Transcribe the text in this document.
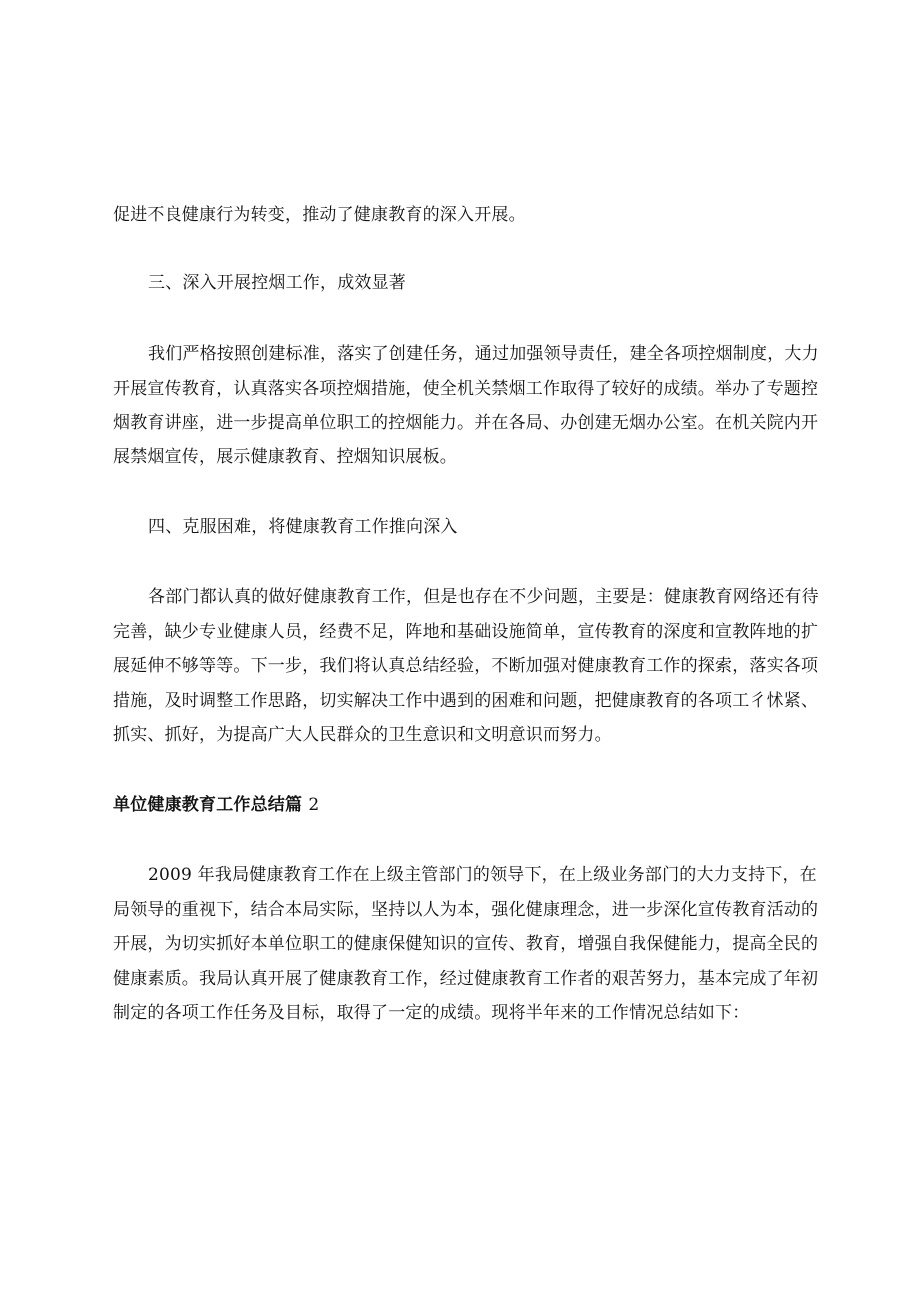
促进不良健康行为转变，推动了健康教育的深入开展。
三、深入开展控烟工作，成效显著
我们严格按照创建标准，落实了创建任务，通过加强领导责任，建全各项控烟制度，大力
开展宣传教育，认真落实各项控烟措施，使全机关禁烟工作取得了较好的成绩。举办了专题控
烟教育讲座，进一步提高单位职工的控烟能力。并在各局、办创建无烟办公室。在机关院内开
展禁烟宣传，展示健康教育、控烟知识展板。
四、克服困难，将健康教育工作推向深入
各部门都认真的做好健康教育工作，但是也存在不少问题，主要是：健康教育网络还有待
完善，缺少专业健康人员，经费不足，阵地和基础设施简单，宣传教育的深度和宣教阵地的扩
展延伸不够等等。下一步，我们将认真总结经验，不断加强对健康教育工作的探索，落实各项
措施，及时调整工作思路，切实解决工作中遇到的困难和问题，把健康教育的各项工彳怵紧、
抓实、抓好，为提高广大人民群众的卫生意识和文明意识而努力。
单位健康教育工作总结篇 2
2009 年我局健康教育工作在上级主管部门的领导下，在上级业务部门的大力支持下，在
局领导的重视下，结合本局实际，坚持以人为本，强化健康理念，进一步深化宣传教育活动的
开展，为切实抓好本单位职工的健康保健知识的宣传、教育，增强自我保健能力，提高全民的
健康素质。我局认真开展了健康教育工作，经过健康教育工作者的艰苦努力，基本完成了年初
制定的各项工作任务及目标，取得了一定的成绩。现将半年来的工作情况总结如下：
